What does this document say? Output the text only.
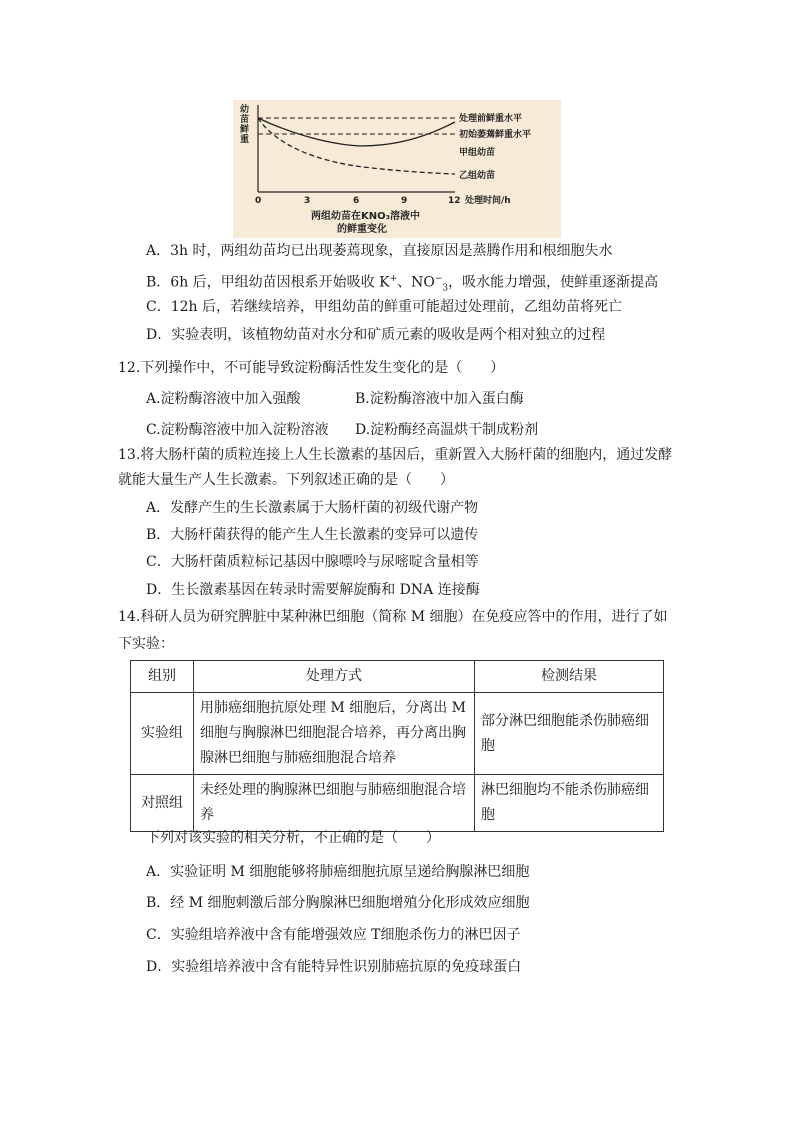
幼
苗
鲜
重
处理前鲜重水平
初始萎蔫鲜重水平
甲组幼苗
乙组幼苗
0	3	6	9	12 处理时间/h
两组幼苗在KNO₃溶液中
的鲜重变化
A．3h 时，两组幼苗均已出现萎蔫现象，直接原因是蒸腾作用和根细胞失水
B．6h 后，甲组幼苗因根系开始吸收 K+、$NO^-_3$，吸水能力增强，使鲜重逐渐提高
C．12h 后，若继续培养，甲组幼苗的鲜重可能超过处理前，乙组幼苗将死亡
D．实验表明，该植物幼苗对水分和矿质元素的吸收是两个相对独立的过程
12.下列操作中，不可能导致淀粉酶活性发生变化的是（　　）
A.淀粉酶溶液中加入强酸	B.淀粉酶溶液中加入蛋白酶
C.淀粉酶溶液中加入淀粉溶液 D.淀粉酶经高温烘干制成粉剂
13.将大肠杆菌的质粒连接上人生长激素的基因后，重新置入大肠杆菌的细胞内，通过发酵
就能大量生产人生长激素。下列叙述正确的是（　　）
A．发酵产生的生长激素属于大肠杆菌的初级代谢产物
B．大肠杆菌获得的能产生人生长激素的变异可以遗传
C．大肠杆菌质粒标记基因中腺嘌呤与尿嘧啶含量相等
D．生长激素基因在转录时需要解旋酶和 DNA 连接酶
14.科研人员为研究脾脏中某种淋巴细胞（简称 M 细胞）在免疫应答中的作用，进行了如
下实验：
组别	处理方式	检测结果
实验组	用肺癌细胞抗原处理 M 细胞后，分离出 M 细胞与胸腺淋巴细胞混合培养，再分离出胸腺淋巴细胞与肺癌细胞混合培养	部分淋巴细胞能杀伤肺癌细胞
对照组	未经处理的胸腺淋巴细胞与肺癌细胞混合培养	淋巴细胞均不能杀伤肺癌细胞
下列对该实验的相关分析，不正确的是（　　）
A．实验证明 M 细胞能够将肺癌细胞抗原呈递给胸腺淋巴细胞
B．经 M 细胞刺激后部分胸腺淋巴细胞增殖分化形成效应细胞
C．实验组培养液中含有能增强效应 T细胞杀伤力的淋巴因子
D．实验组培养液中含有能特异性识别肺癌抗原的免疫球蛋白
